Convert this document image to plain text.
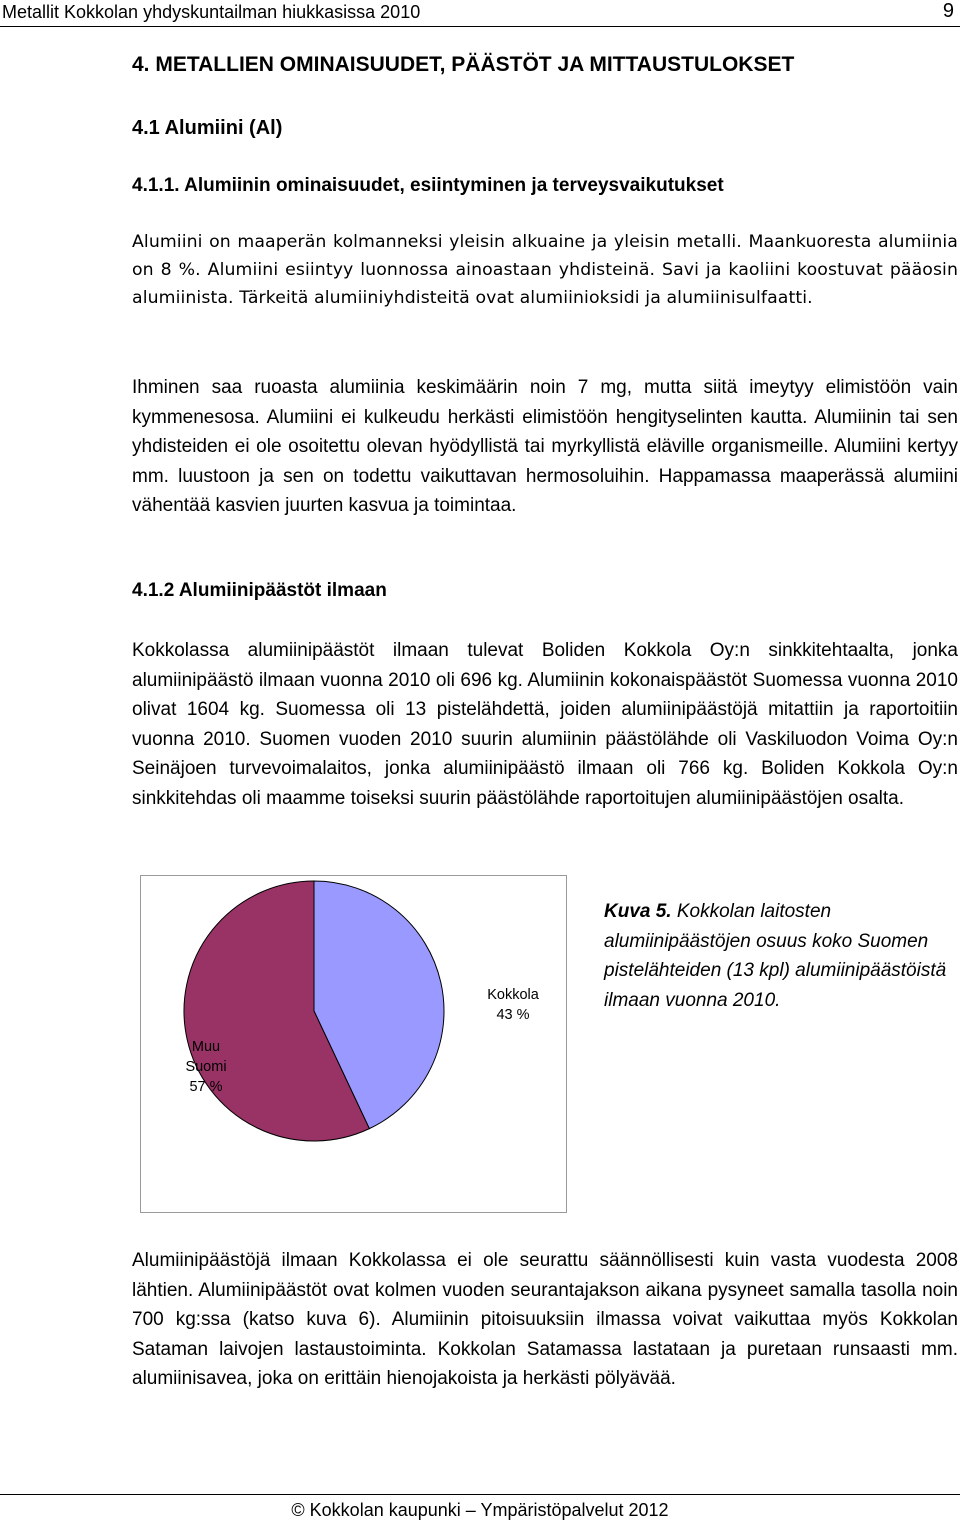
Metallit Kokkolan yhdyskuntailman hiukkasissa 2010	9
4. METALLIEN OMINAISUUDET, PÄÄSTÖT JA MITTAUSTULOKSET
4.1 Alumiini (Al)
4.1.1. Alumiinin ominaisuudet, esiintyminen ja terveysvaikutukset
Alumiini on maaperän kolmanneksi yleisin alkuaine ja yleisin metalli. Maankuoresta alumiinia on 8 %. Alumiini esiintyy luonnossa ainoastaan yhdisteinä. Savi ja kaoliini koostuvat pääosin alumiinista. Tärkeitä alumiiniyhdisteitä ovat alumiinioksidi ja alumiinisulfaatti.
Ihminen saa ruoasta alumiinia keskimäärin noin 7 mg, mutta siitä imeytyy elimistöön vain kymmenesosa. Alumiini ei kulkeudu herkästi elimistöön hengityselinten kautta. Alumiinin tai sen yhdisteiden ei ole osoitettu olevan hyödyllistä tai myrkyllistä eläville organismeille. Alumiini kertyy mm. luustoon ja sen on todettu vaikuttavan hermosoluihin. Happamassa maaperässä alumiini vähentää kasvien juurten kasvua ja toimintaa.
4.1.2 Alumiinipäästöt ilmaan
Kokkolassa alumiinipäästöt ilmaan tulevat Boliden Kokkola Oy:n sinkkitehtaalta, jonka alumiinipäästö ilmaan vuonna 2010 oli 696 kg. Alumiinin kokonaispäästöt Suomessa vuonna 2010 olivat 1604 kg. Suomessa oli 13 pistelähdettä, joiden alumiinipäästöjä mitattiin ja raportoitiin vuonna 2010. Suomen vuoden 2010 suurin alumiinin päästölähde oli Vaskiluodon Voima Oy:n Seinäjoen turvevoimalaitos, jonka alumiinipäästö ilmaan oli 766 kg. Boliden Kokkola Oy:n sinkkitehdas oli maamme toiseksi suurin päästölähde raportoitujen alumiinipäästöjen osalta.
Kokkola
43 %
Muu
Suomi
57 %
Kuva 5. Kokkolan laitosten alumiinipäästöjen osuus koko Suomen pistelähteiden (13 kpl) alumiinipäästöistä ilmaan vuonna 2010.
Alumiinipäästöjä ilmaan Kokkolassa ei ole seurattu säännöllisesti kuin vasta vuodesta 2008 lähtien. Alumiinipäästöt ovat kolmen vuoden seurantajakson aikana pysyneet samalla tasolla noin 700 kg:ssa (katso kuva 6). Alumiinin pitoisuuksiin ilmassa voivat vaikuttaa myös Kokkolan Sataman laivojen lastaustoiminta. Kokkolan Satamassa lastataan ja puretaan runsaasti mm. alumiinisavea, joka on erittäin hienojakoista ja herkästi pölyävää.
© Kokkolan kaupunki – Ympäristöpalvelut 2012
